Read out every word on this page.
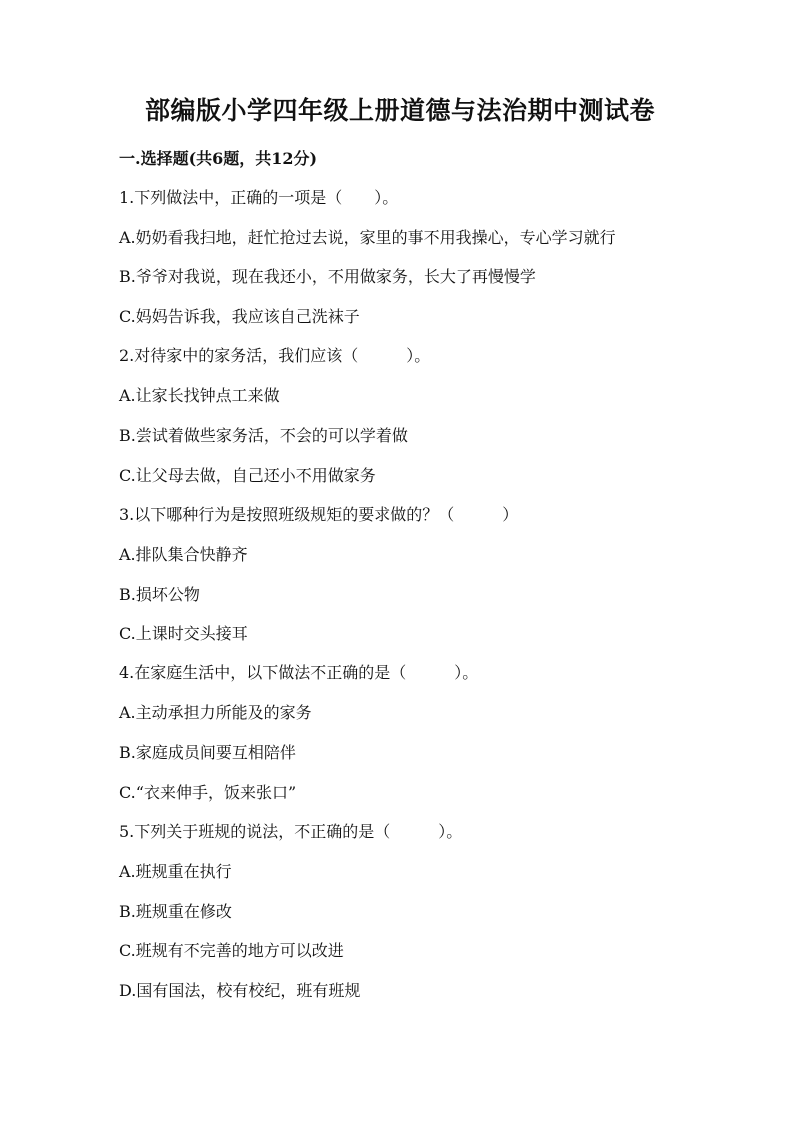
部编版小学四年级上册道德与法治期中测试卷
一.选择题(共6题，共12分)
1.下列做法中，正确的一项是（　　）。
A.奶奶看我扫地，赶忙抢过去说，家里的事不用我操心，专心学习就行
B.爷爷对我说，现在我还小，不用做家务，长大了再慢慢学
C.妈妈告诉我，我应该自己洗袜子
2.对待家中的家务活，我们应该（　　　）。
A.让家长找钟点工来做
B.尝试着做些家务活，不会的可以学着做
C.让父母去做，自己还小不用做家务
3.以下哪种行为是按照班级规矩的要求做的？（　　　）
A.排队集合快静齐
B.损坏公物
C.上课时交头接耳
4.在家庭生活中，以下做法不正确的是（　　　）。
A.主动承担力所能及的家务
B.家庭成员间要互相陪伴
C.“衣来伸手，饭来张口”
5.下列关于班规的说法，不正确的是（　　　）。
A.班规重在执行
B.班规重在修改
C.班规有不完善的地方可以改进
D.国有国法，校有校纪，班有班规
